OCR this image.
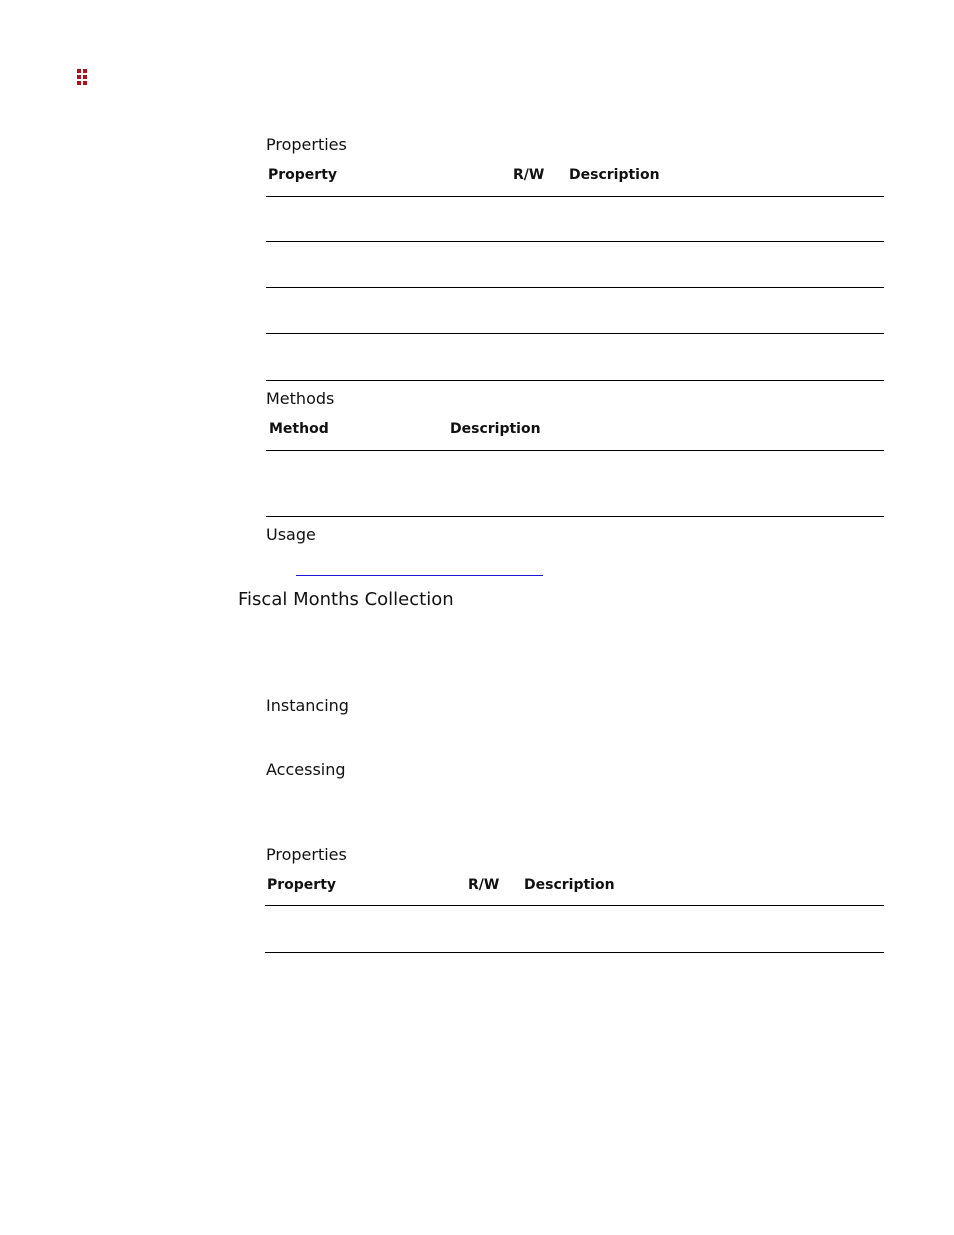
Properties
Property	R/W Description
Methods
Method	Description
Usage
Fiscal Months Collection
Instancing
Accessing
Properties
Property	R/W Description
